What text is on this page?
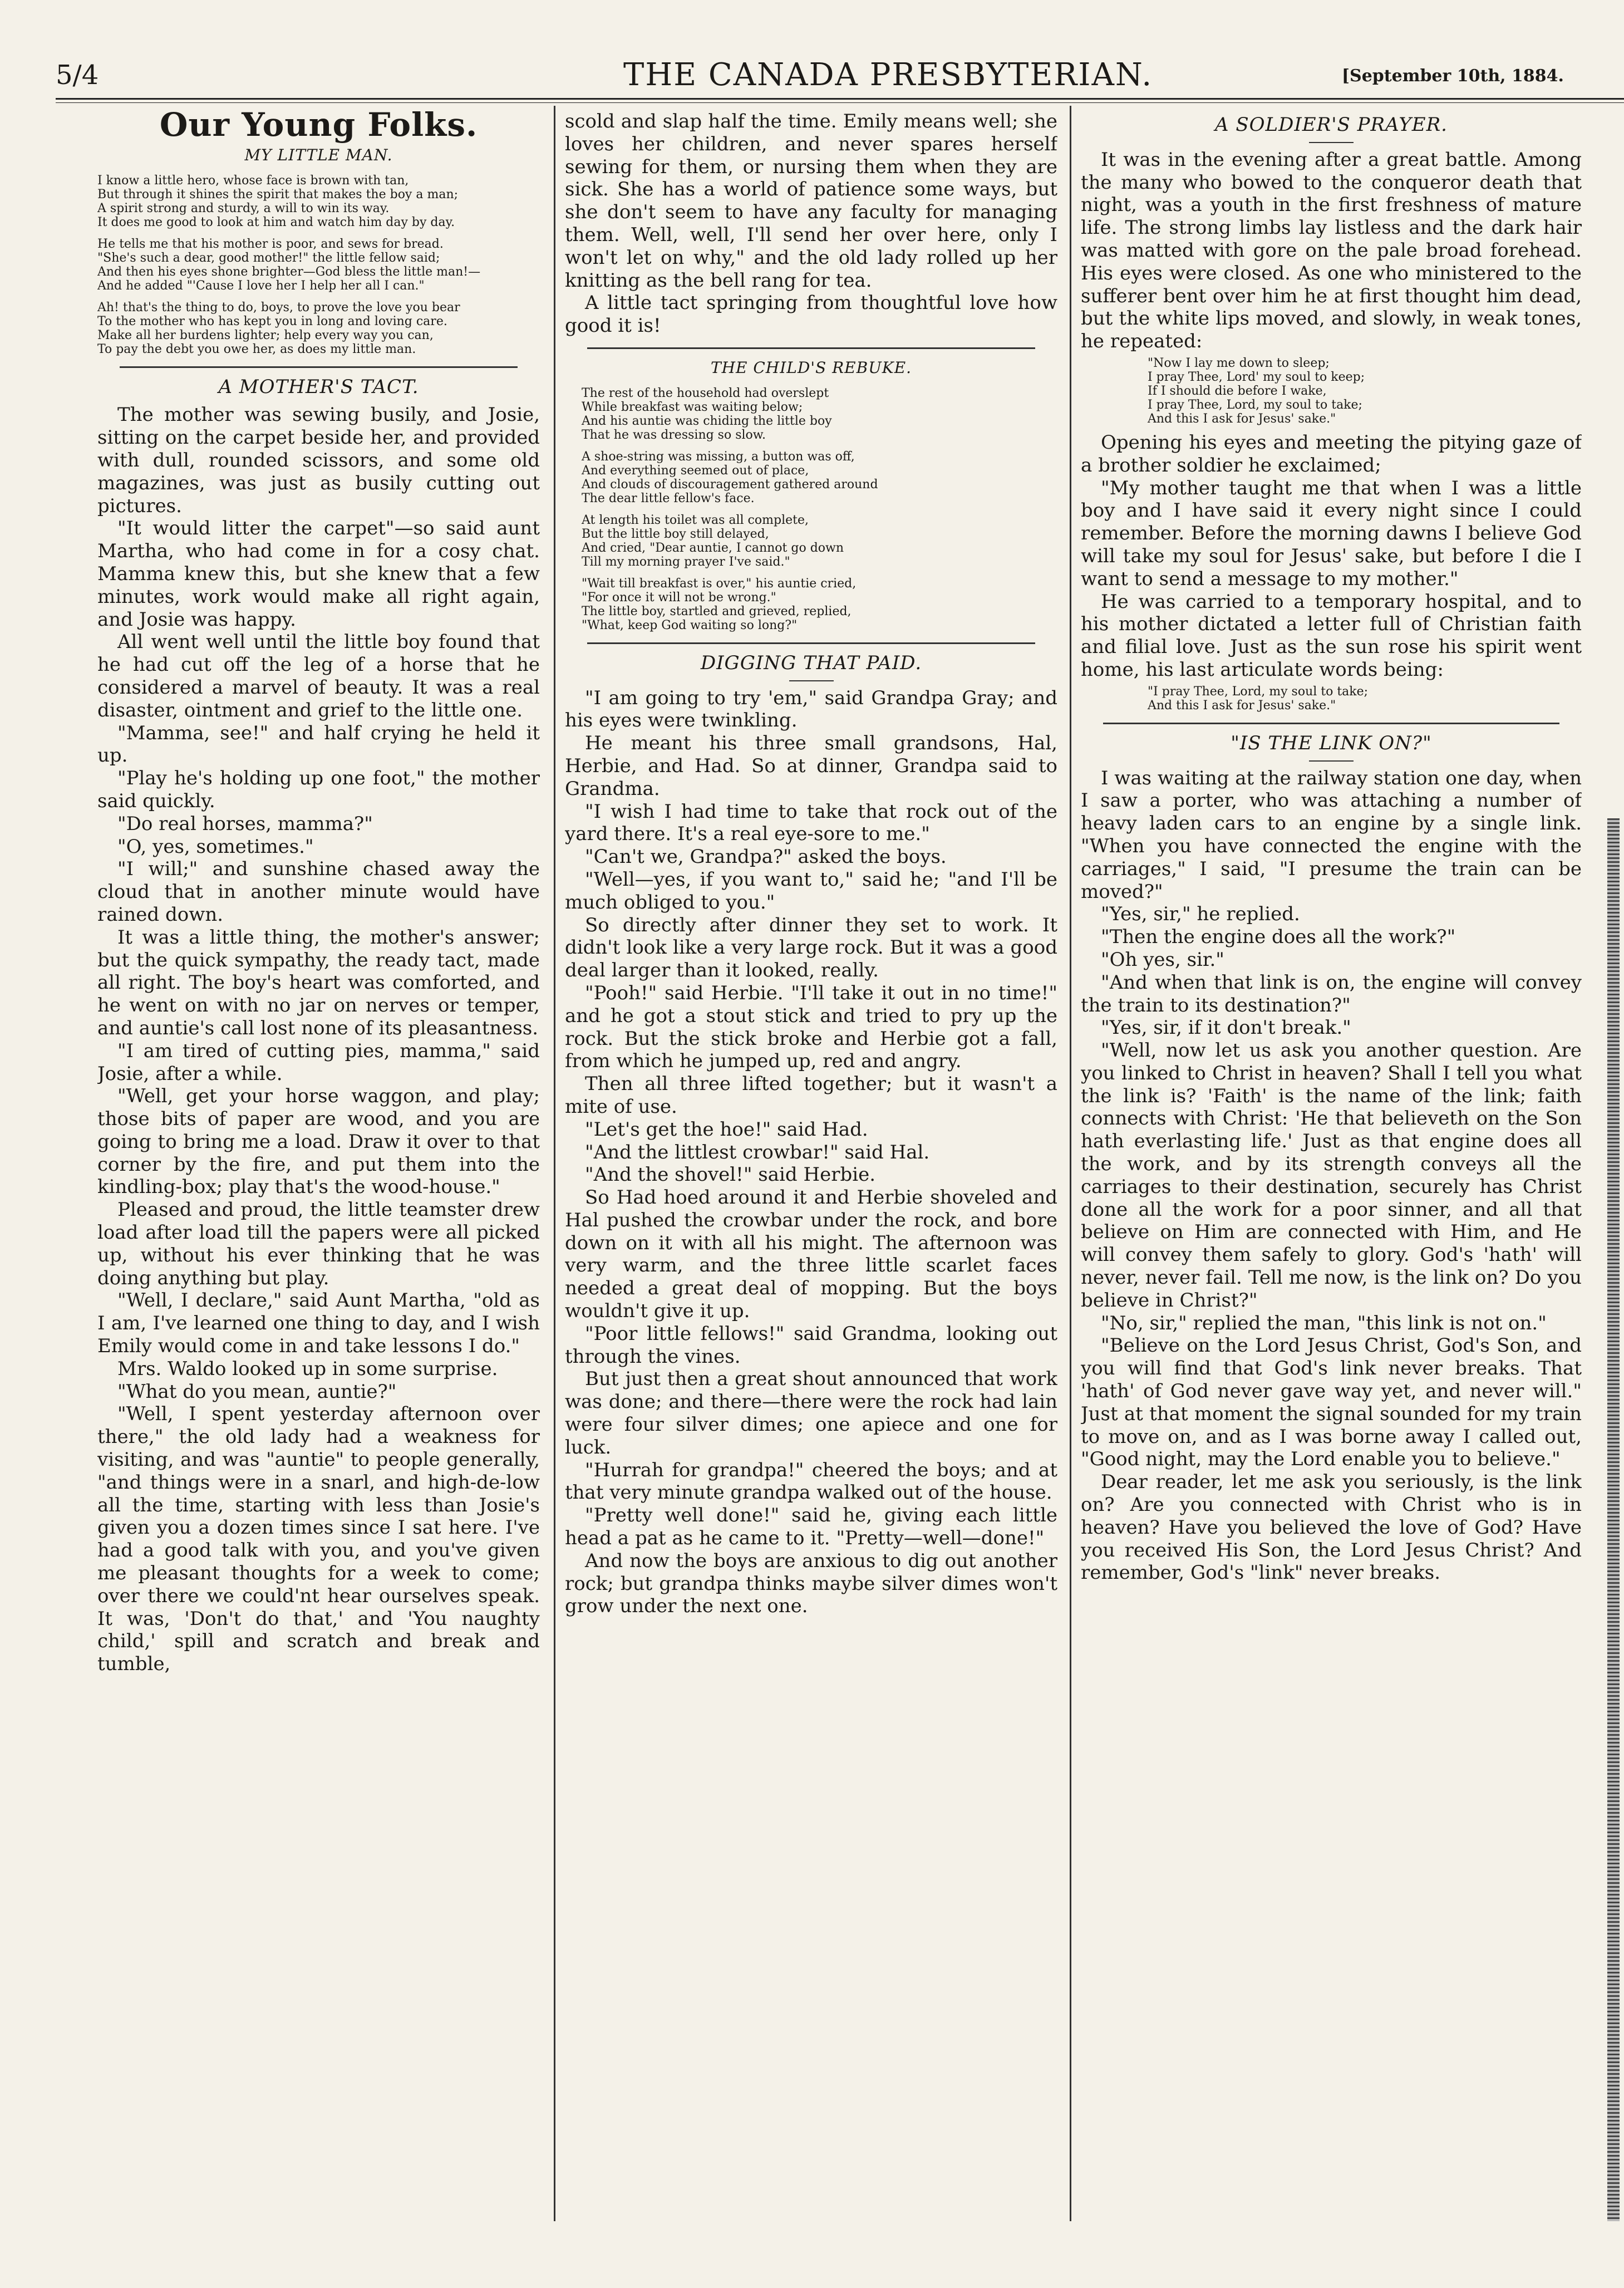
5/4	THE CANADA PRESBYTERIAN.	[September 10th, 1884.
Our Young Folks.
MY LITTLE MAN.

I know a little hero, whose face is brown with tan,

But through it shines the spirit that makes the boy a man;

A spirit strong and sturdy, a will to win its way.

It does me good to look at him and watch him day by day.

He tells me that his mother is poor, and sews for bread.

"She's such a dear, good mother!" the little fellow said;

And then his eyes shone brighter—God bless the little man!—

And he added "'Cause I love her I help her all I can."

Ah! that's the thing to do, boys, to prove the love you bear

To the mother who has kept you in long and loving care.

Make all her burdens lighter; help every way you can,

To pay the debt you owe her, as does my little man.

A MOTHER'S TACT.

The mother was sewing busily, and Josie, sitting on the carpet beside her, and provided with dull, rounded scissors, and some old magazines, was just as busily cutting out pictures.

"It would litter the carpet"—so said aunt Martha, who had come in for a cosy chat. Mamma knew this, but she knew that a few minutes, work would make all right again, and Josie was happy.

All went well until the little boy found that he had cut off the leg of a horse that he considered a marvel of beauty. It was a real disaster, ointment and grief to the little one.

"Mamma, see!" and half crying he held it up.

"Play he's holding up one foot," the mother said quickly.

"Do real horses, mamma?"

"O, yes, sometimes."

"I will;" and sunshine chased away the cloud that in another minute would have rained down.

It was a little thing, the mother's answer; but the quick sympathy, the ready tact, made all right. The boy's heart was comforted, and he went on with no jar on nerves or temper, and auntie's call lost none of its pleasantness.

"I am tired of cutting pies, mamma," said Josie, after a while.

"Well, get your horse waggon, and play; those bits of paper are wood, and you are going to bring me a load. Draw it over to that corner by the fire, and put them into the kindling-box; play that's the wood-house."

Pleased and proud, the little teamster drew load after load till the papers were all picked up, without his ever thinking that he was doing anything but play.

"Well, I declare," said Aunt Martha, "old as I am, I've learned one thing to day, and I wish Emily would come in and take lessons I do."

Mrs. Waldo looked up in some surprise.

"What do you mean, auntie?"

"Well, I spent yesterday afternoon over there," the old lady had a weakness for visiting, and was "auntie" to people generally, "and things were in a snarl, and high-de-low all the time, starting with less than Josie's given you a dozen times since I sat here. I've had a good talk with you, and you've given me pleasant thoughts for a week to come; over there we could'nt hear ourselves speak. It was, 'Don't do that,' and 'You naughty child,' spill and scratch and break and tumble,

scold and slap half the time. Emily means well; she loves her children, and never spares herself sewing for them, or nursing them when they are sick. She has a world of patience some ways, but she don't seem to have any faculty for managing them. Well, well, I'll send her over here, only I won't let on why," and the old lady rolled up her knitting as the bell rang for tea.

A little tact springing from thoughtful love how good it is!

THE CHILD'S REBUKE.

The rest of the household had overslept

While breakfast was waiting below;

And his auntie was chiding the little boy

That he was dressing so slow.

A shoe-string was missing, a button was off,

And everything seemed out of place,

And clouds of discouragement gathered around

The dear little fellow's face.

At length his toilet was all complete,

But the little boy still delayed,

And cried, "Dear auntie, I cannot go down

Till my morning prayer I've said."

"Wait till breakfast is over," his auntie cried,

"For once it will not be wrong."

The little boy, startled and grieved, replied,

"What, keep God waiting so long?"

DIGGING THAT PAID.

"I am going to try 'em," said Grandpa Gray; and his eyes were twinkling.

He meant his three small grandsons, Hal, Herbie, and Had. So at dinner, Grandpa said to Grandma.

"I wish I had time to take that rock out of the yard there. It's a real eye-sore to me."

"Can't we, Grandpa?" asked the boys.

"Well—yes, if you want to," said he; "and I'll be much obliged to you."

So directly after dinner they set to work. It didn't look like a very large rock. But it was a good deal larger than it looked, really.

"Pooh!" said Herbie. "I'll take it out in no time!" and he got a stout stick and tried to pry up the rock. But the stick broke and Herbie got a fall, from which he jumped up, red and angry.

Then all three lifted together; but it wasn't a mite of use.

"Let's get the hoe!" said Had.

"And the littlest crowbar!" said Hal.

"And the shovel!" said Herbie.

So Had hoed around it and Herbie shoveled and Hal pushed the crowbar under the rock, and bore down on it with all his might. The afternoon was very warm, and the three little scarlet faces needed a great deal of mopping. But the boys wouldn't give it up.

"Poor little fellows!" said Grandma, looking out through the vines.

But just then a great shout announced that work was done; and there—there were the rock had lain were four silver dimes; one apiece and one for luck.

"Hurrah for grandpa!" cheered the boys; and at that very minute grandpa walked out of the house.

"Pretty well done!" said he, giving each little head a pat as he came to it. "Pretty—well—done!"

And now the boys are anxious to dig out another rock; but grandpa thinks maybe silver dimes won't grow under the next one.

A SOLDIER'S PRAYER.

It was in the evening after a great battle. Among the many who bowed to the conqueror death that night, was a youth in the first freshness of mature life. The strong limbs lay listless and the dark hair was matted with gore on the pale broad forehead. His eyes were closed. As one who ministered to the sufferer bent over him he at first thought him dead, but the white lips moved, and slowly, in weak tones, he repeated:

"Now I lay me down to sleep;

I pray Thee, Lord' my soul to keep;

If I should die before I wake,

I pray Thee, Lord, my soul to take;

And this I ask for Jesus' sake."

Opening his eyes and meeting the pitying gaze of a brother soldier he exclaimed;

"My mother taught me that when I was a little boy and I have said it every night since I could remember. Before the morning dawns I believe God will take my soul for Jesus' sake, but before I die I want to send a message to my mother."

He was carried to a temporary hospital, and to his mother dictated a letter full of Christian faith and filial love. Just as the sun rose his spirit went home, his last articulate words being:

"I pray Thee, Lord, my soul to take;

And this I ask for Jesus' sake."

"IS THE LINK ON?"

I was waiting at the railway station one day, when I saw a porter, who was attaching a number of heavy laden cars to an engine by a single link. "When you have connected the engine with the carriages," I said, "I presume the train can be moved?"

"Yes, sir," he replied.

"Then the engine does all the work?"

"Oh yes, sir."

"And when that link is on, the engine will convey the train to its destination?"

"Yes, sir, if it don't break."

"Well, now let us ask you another question. Are you linked to Christ in heaven? Shall I tell you what the link is? 'Faith' is the name of the link; faith connects with Christ: 'He that believeth on the Son hath everlasting life.' Just as that engine does all the work, and by its strength conveys all the carriages to their destination, securely has Christ done all the work for a poor sinner, and all that believe on Him are connected with Him, and He will convey them safely to glory. God's 'hath' will never, never fail. Tell me now, is the link on? Do you believe in Christ?"

"No, sir," replied the man, "this link is not on."

"Believe on the Lord Jesus Christ, God's Son, and you will find that God's link never breaks. That 'hath' of God never gave way yet, and never will." Just at that moment the signal sounded for my train to move on, and as I was borne away I called out, "Good night, may the Lord enable you to believe."

Dear reader, let me ask you seriously, is the link on? Are you connected with Christ who is in heaven? Have you believed the love of God? Have you received His Son, the Lord Jesus Christ? And remember, God's "link" never breaks.
